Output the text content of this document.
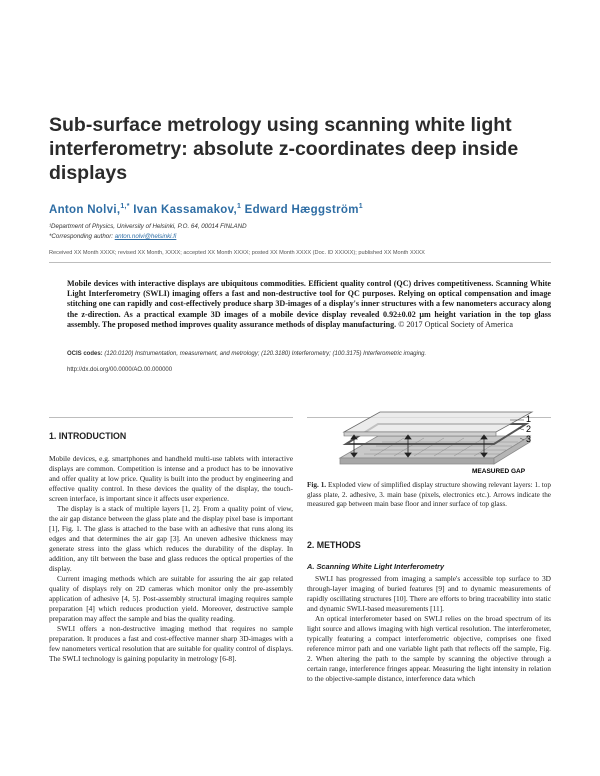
Sub-surface metrology using scanning white light interferometry: absolute z-coordinates deep inside displays
Anton Nolvi,$^{1,*}$ Ivan Kassamakov,$^1$ Edward Hæggström$^1$
¹Department of Physics, University of Helsinki, P.O. 64, 00014 FINLAND
*Corresponding author: anton.nolvi@helsinki.fi
Received XX Month XXXX; revised XX Month, XXXX; accepted XX Month XXXX; posted XX Month XXXX (Doc. ID XXXXX); published XX Month XXXX
Mobile devices with interactive displays are ubiquitous commodities. Efficient quality control (QC) drives competitiveness. Scanning White Light Interferometry (SWLI) imaging offers a fast and non-destructive tool for QC purposes. Relying on optical compensation and image stitching one can rapidly and cost-effectively produce sharp 3D-images of a display's inner structures with a few nanometers accuracy along the z-direction. As a practical example 3D images of a mobile device display revealed 0.92±0.02 μm height variation in the top glass assembly. The proposed method improves quality assurance methods of display manufacturing. © 2017 Optical Society of America
OCIS codes: (120.0120) Instrumentation, measurement, and metrology; (120.3180) Interferometry; (100.3175) Interferometric imaging.
http://dx.doi.org/00.0000/AO.00.000000
1. INTRODUCTION

Mobile devices, e.g. smartphones and handheld multi-use tablets with interactive displays are common. Competition is intense and a product has to be innovative and offer quality at low price. Quality is built into the product by engineering and effective quality control. In these devices the quality of the display, the touch-screen interface, is important since it affects user experience.

The display is a stack of multiple layers [1, 2]. From a quality point of view, the air gap distance between the glass plate and the display pixel base is important [1], Fig. 1. The glass is attached to the base with an adhesive that runs along its edges and that determines the air gap [3]. An uneven adhesive thickness may generate stress into the glass which reduces the durability of the display. In addition, any tilt between the base and glass reduces the optical properties of the display.

Current imaging methods which are suitable for assuring the air gap related quality of displays rely on 2D cameras which monitor only the pre-assembly application of adhesive [4, 5]. Post-assembly structural imaging requires sample preparation [4] which reduces production yield. Moreover, destructive sample preparation may affect the sample and bias the quality reading.

SWLI offers a non-destructive imaging method that requires no sample preparation. It produces a fast and cost-effective manner sharp 3D-images with a few nanometers vertical resolution that are suitable for quality control of displays. The SWLI technology is gaining popularity in metrology [6-8].

1
2
3
MEASURED GAP
Fig. 1. Exploded view of simplified display structure showing relevant layers: 1. top glass plate, 2. adhesive, 3. main base (pixels, electronics etc.). Arrows indicate the measured gap between main base floor and inner surface of top glass.
2. METHODS
A. Scanning White Light Interferometry

SWLI has progressed from imaging a sample's accessible top surface to 3D through-layer imaging of buried features [9] and to dynamic measurements of rapidly oscillating structures [10]. There are efforts to bring traceability into static and dynamic SWLI-based measurements [11].

An optical interferometer based on SWLI relies on the broad spectrum of its light source and allows imaging with high vertical resolution. The interferometer, typically featuring a compact interferometric objective, comprises one fixed reference mirror path and one variable light path that reflects off the sample, Fig. 2. When altering the path to the sample by scanning the objective through a certain range, interference fringes appear. Measuring the light intensity in relation to the objective-sample distance, interference data which
